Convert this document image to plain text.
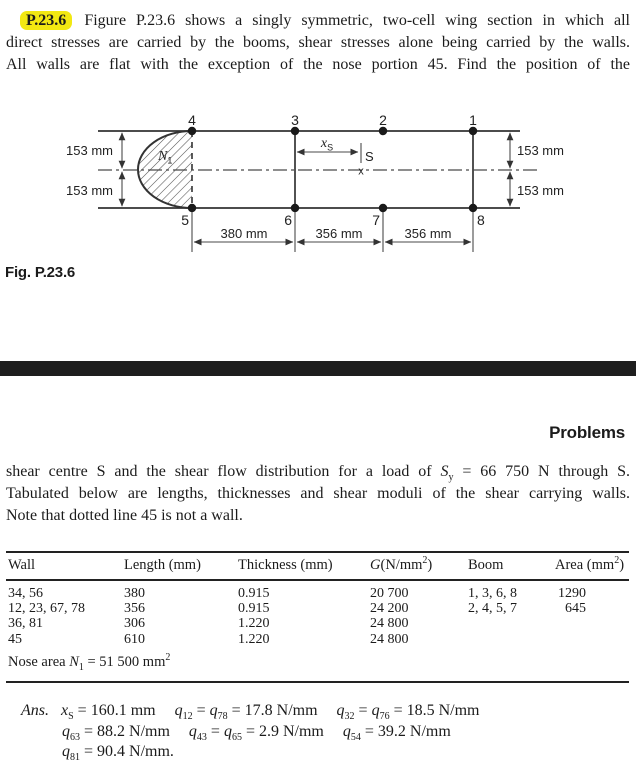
P.23.6 Figure P.23.6 shows a singly symmetric, two-cell wing section in which all
direct stresses are carried by the booms, shear stresses alone being carried by the walls.
All walls are flat with the exception of the nose portion 45. Find the position of the
4	3	2	1
5	6	7	8
153 mm
153 mm
153 mm
153 mm
380 mm	356 mm	356 mm
$x_S$
S
x
$N_1$
Fig. P.23.6
Problems
shear centre S and the shear flow distribution for a load of $S_y = 66$ 750 N through S.
Tabulated below are lengths, thicknesses and shear moduli of the shear carrying walls.
Note that dotted line 45 is not a wall.
Wall	Length (mm)	Thickness (mm)	$G(N/mm^2)$	Boom	Area $(mm^2)$
34, 56	380	0.915	20 700	1, 3, 6, 8	1290
12, 23, 67, 78	356	0.915	24 200	2, 4, 5, 7	645
36, 81	306	1.220	24 800
45	610	1.220	24 800
Nose area $N_1 = 51$ 500 $mm^2$
Ans. $x_S = 160.1$ mm $q_{12} = q_{78} = 17.8$ N/mm $q_{32} = q_{76} = 18.5$ N/mm
$q_{63} = 88.2$ N/mm $q_{43} = q_{65} = 2.9$ N/mm $q_{54} = 39.2$ N/mm
$q_{81} = 90.4$ N/mm.
